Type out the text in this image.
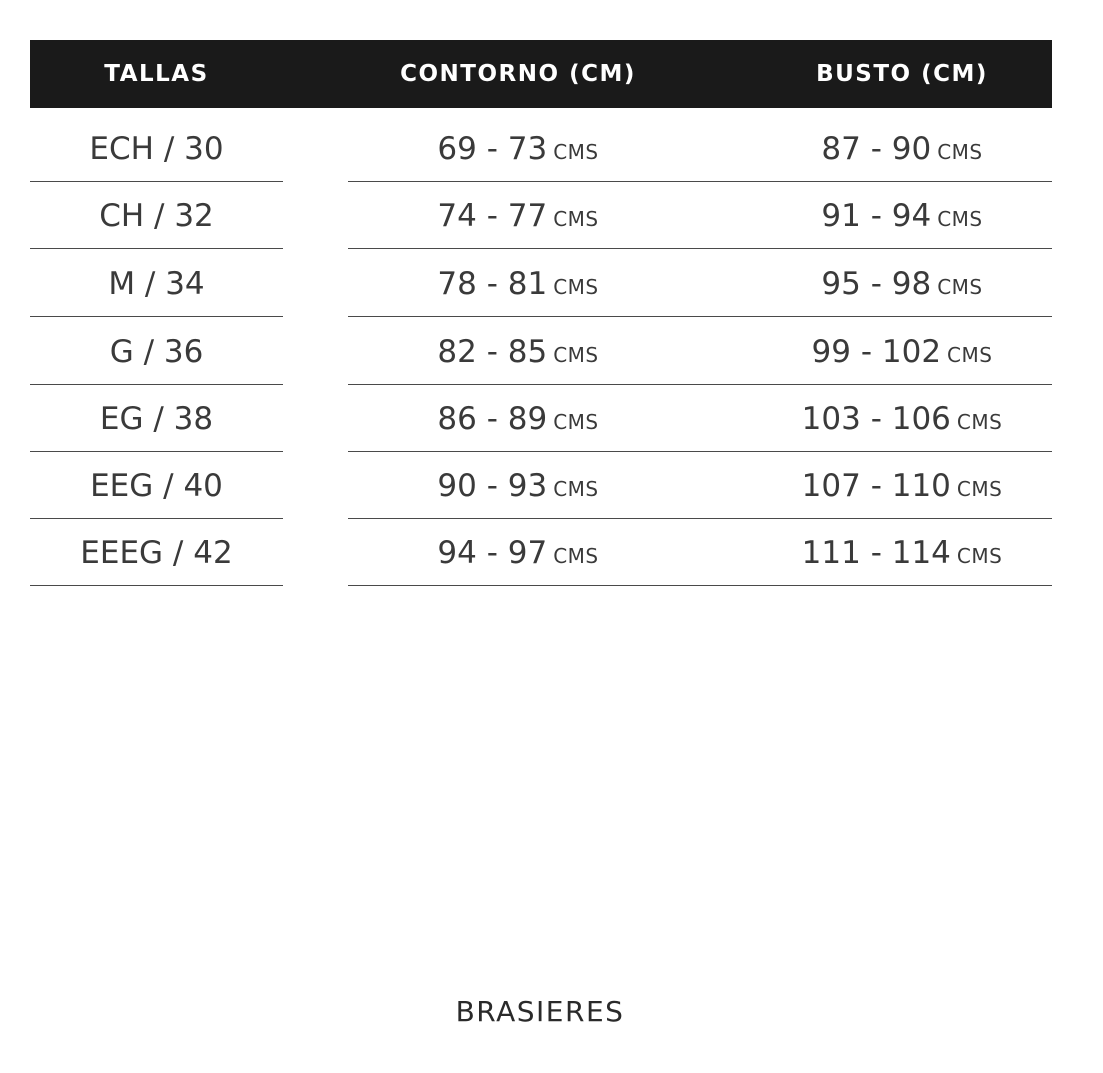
TALLAS	CONTORNO (CM)	BUSTO (CM)
ECH / 30	69 - 73 CMS	87 - 90 CMS
CH / 32	74 - 77 CMS	91 - 94 CMS
M / 34	78 - 81 CMS	95 - 98 CMS
G / 36	82 - 85 CMS	99 - 102 CMS
EG / 38	86 - 89 CMS	103 - 106 CMS
EEG / 40	90 - 93 CMS	107 - 110 CMS
EEEG / 42	94 - 97 CMS	111 - 114 CMS
BRASIERES
